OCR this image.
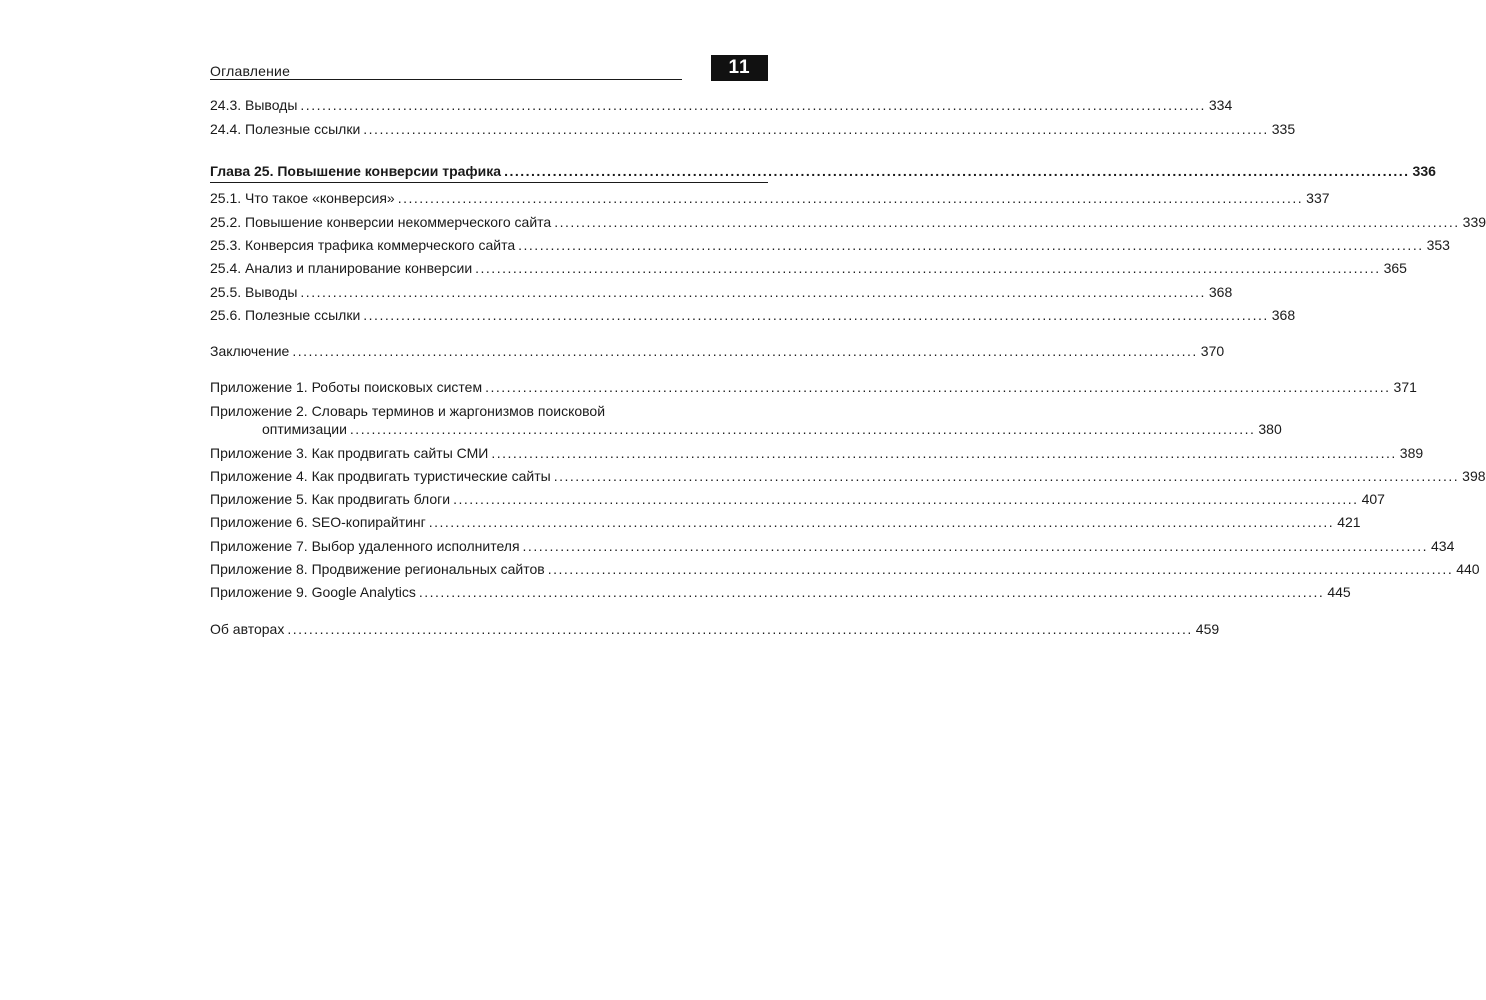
Оглавление	11
24.3. Выводы ........................................................................................................................................................................ 334
24.4. Полезные ссылки ........................................................................................................................................................................ 335
Глава 25. Повышение конверсии трафика ........................................................................................................................................................................ 336
25.1. Что такое «конверсия» ........................................................................................................................................................................ 337
25.2. Повышение конверсии некоммерческого сайта ........................................................................................................................................................................ 339
25.3. Конверсия трафика коммерческого сайта ........................................................................................................................................................................ 353
25.4. Анализ и планирование конверсии ........................................................................................................................................................................ 365
25.5. Выводы ........................................................................................................................................................................ 368
25.6. Полезные ссылки ........................................................................................................................................................................ 368
Заключение ........................................................................................................................................................................ 370
Приложение 1. Роботы поисковых систем ........................................................................................................................................................................ 371
Приложение 2. Словарь терминов и жаргонизмов поисковой
оптимизации ........................................................................................................................................................................ 380
Приложение 3. Как продвигать сайты СМИ ........................................................................................................................................................................ 389
Приложение 4. Как продвигать туристические сайты ........................................................................................................................................................................ 398
Приложение 5. Как продвигать блоги ........................................................................................................................................................................ 407
Приложение 6. SEO-копирайтинг ........................................................................................................................................................................ 421
Приложение 7. Выбор удаленного исполнителя ........................................................................................................................................................................ 434
Приложение 8. Продвижение региональных сайтов ........................................................................................................................................................................ 440
Приложение 9. Google Analytics ........................................................................................................................................................................ 445
Об авторах ........................................................................................................................................................................ 459
